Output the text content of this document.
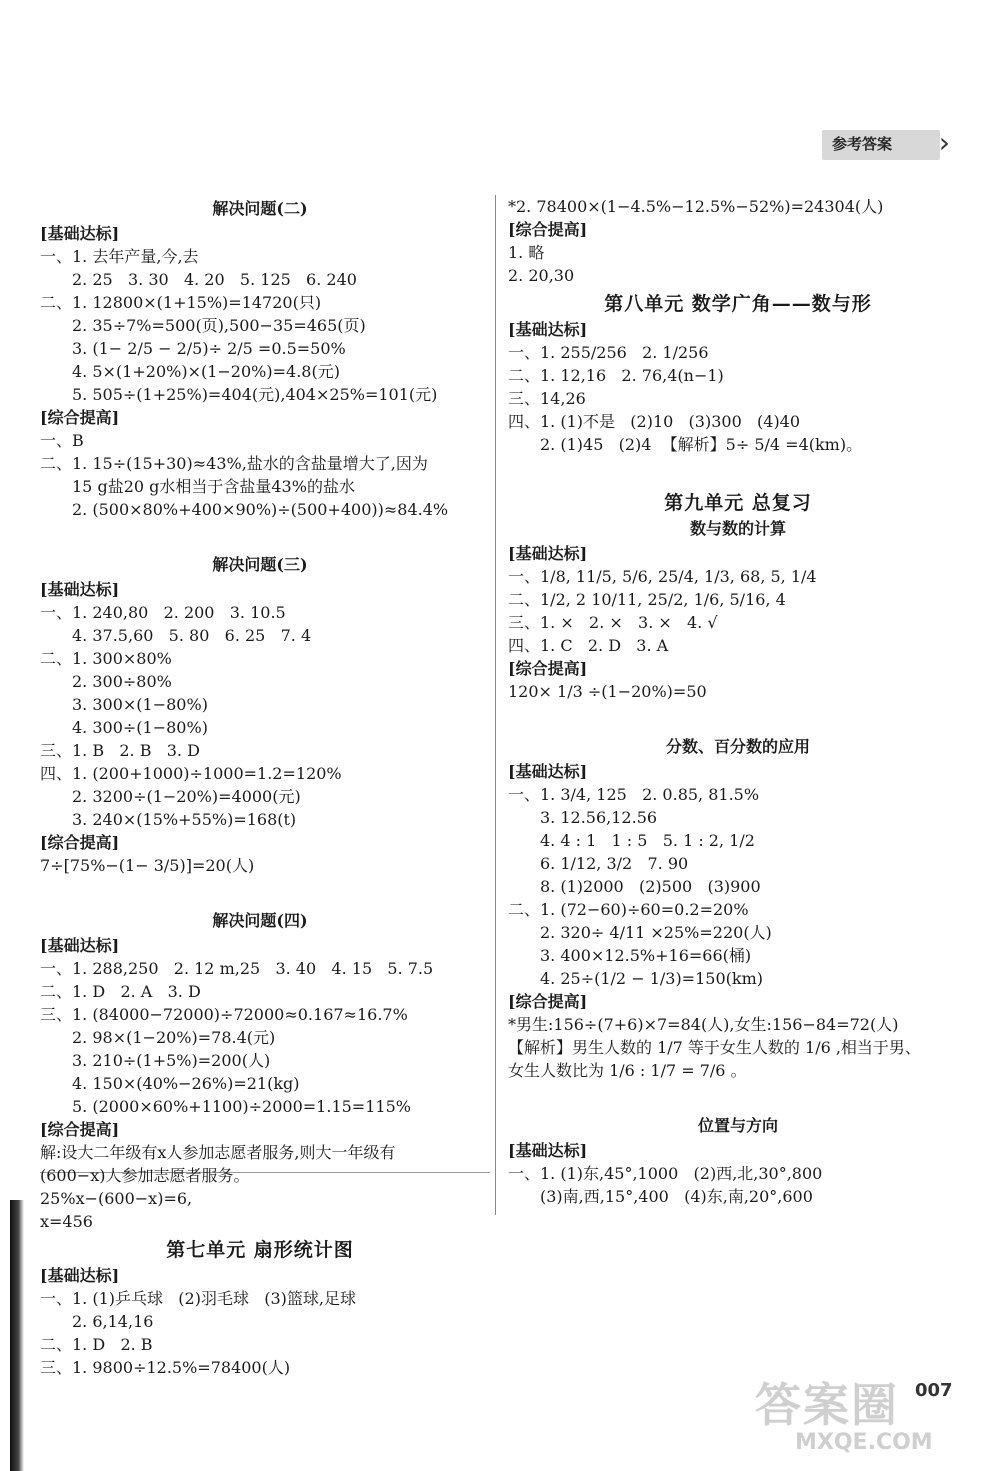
参考答案 ›
解决问题(二)
[基础达标]
一、1. 去年产量,今,去
2. 25   3. 30   4. 20   5. 125   6. 240
二、1. 12800×(1+15%)=14720(只)
2. 35÷7%=500(页),500−35=465(页)
3. (1− 2/5 − 2/5)÷ 2/5 =0.5=50%
4. 5×(1+20%)×(1−20%)=4.8(元)
5. 505÷(1+25%)=404(元),404×25%=101(元)
[综合提高]
一、B
二、1. 15÷(15+30)≈43%,盐水的含盐量增大了,因为
15 g盐20 g水相当于含盐量43%的盐水
2. (500×80%+400×90%)÷(500+400))≈84.4%
解决问题(三)
[基础达标]
一、1. 240,80   2. 200   3. 10.5
4. 37.5,60   5. 80   6. 25   7. 4
二、1. 300×80%
2. 300÷80%
3. 300×(1−80%)
4. 300÷(1−80%)
三、1. B   2. B   3. D
四、1. (200+1000)÷1000=1.2=120%
2. 3200÷(1−20%)=4000(元)
3. 240×(15%+55%)=168(t)
[综合提高]
7÷[75%−(1− 3/5)]=20(人)
解决问题(四)
[基础达标]
一、1. 288,250   2. 12 m,25   3. 40   4. 15   5. 7.5
二、1. D   2. A   3. D
三、1. (84000−72000)÷72000≈0.167≈16.7%
2. 98×(1−20%)=78.4(元)
3. 210÷(1+5%)=200(人)
4. 150×(40%−26%)=21(kg)
5. (2000×60%+1100)÷2000=1.15=115%
[综合提高]
解:设大二年级有x人参加志愿者服务,则大一年级有
(600−x)人参加志愿者服务。
25%x−(600−x)=6,
x=456
第七单元 扇形统计图
[基础达标]
一、1. (1)乒乓球   (2)羽毛球   (3)篮球,足球
2. 6,14,16
二、1. D   2. B
三、1. 9800÷12.5%=78400(人)
*2. 78400×(1−4.5%−12.5%−52%)=24304(人)
[综合提高]
1. 略
2. 20,30
第八单元 数学广角——数与形
[基础达标]
一、1. 255/256   2. 1/256
二、1. 12,16   2. 76,4(n−1)
三、14,26
四、1. (1)不是   (2)10   (3)300   (4)40
2. (1)45   (2)4  【解析】5÷ 5/4 =4(km)。
第九单元 总复习
数与数的计算
[基础达标]
一、1/8, 11/5, 5/6, 25/4, 1/3, 68, 5, 1/4
二、1/2, 2 10/11, 25/2, 1/6, 5/16, 4
三、1. ×   2. ×   3. ×   4. √
四、1. C   2. D   3. A
[综合提高]
120× 1/3 ÷(1−20%)=50
分数、百分数的应用
[基础达标]
一、1. 3/4, 125   2. 0.85, 81.5%
3. 12.56,12.56
4. 4 : 1   1 : 5   5. 1 : 2, 1/2
6. 1/12, 3/2   7. 90
8. (1)2000   (2)500   (3)900
二、1. (72−60)÷60=0.2=20%
2. 320÷ 4/11 ×25%=220(人)
3. 400×12.5%+16=66(桶)
4. 25÷(1/2 − 1/3)=150(km)
[综合提高]
*男生:156÷(7+6)×7=84(人),女生:156−84=72(人)
【解析】男生人数的 1/7 等于女生人数的 1/6 ,相当于男、
女生人数比为 1/6 : 1/7 = 7/6 。
位置与方向
[基础达标]
一、1. (1)东,45°,1000   (2)西,北,30°,800
(3)南,西,15°,400   (4)东,南,20°,600
007
答案圈
MXQE.COM
